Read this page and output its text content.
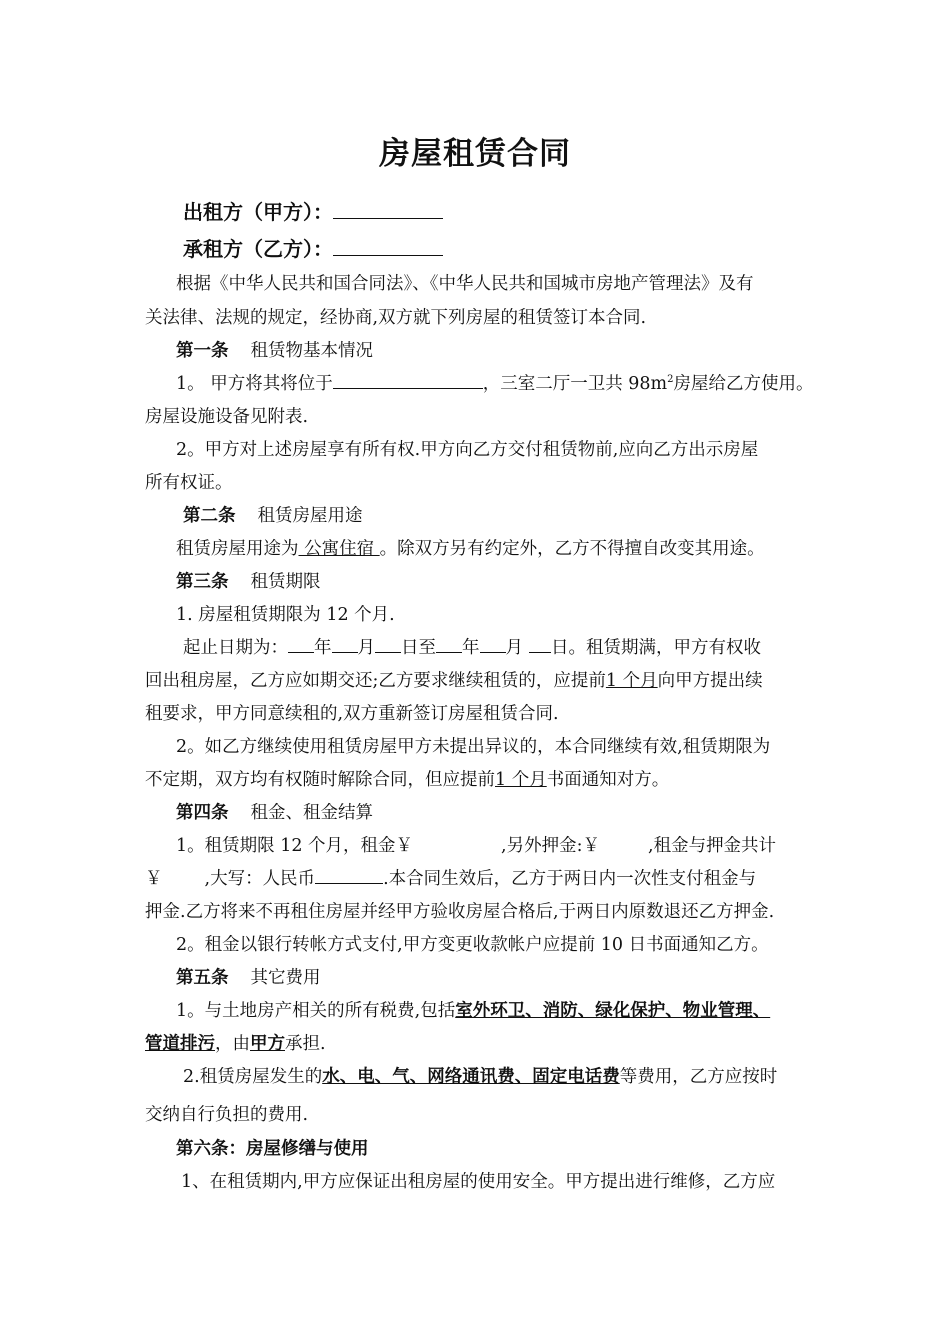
房屋租赁合同
出租方（甲方）：
承租方（乙方）：
根据《中华人民共和国合同法》、《中华人民共和国城市房地产管理法》及有
关法律、法规的规定，经协商,双方就下列房屋的租赁签订本合同.
第一条 租赁物基本情况
1。 甲方将其将位于	，三室二厅一卫共 $98m^2$房屋给乙方使用。
房屋设施设备见附表.
2。甲方对上述房屋享有所有权.甲方向乙方交付租赁物前,应向乙方出示房屋
所有权证。
第二条 租赁房屋用途
租赁房屋用途为 公寓住宿 。除双方另有约定外，乙方不得擅自改变其用途。
第三条 租赁期限
1. 房屋租赁期限为 12 个月.
起止日期为： 年 月 日至 年 月 日。租赁期满，甲方有权收
回出租房屋，乙方应如期交还;乙方要求继续租赁的，应提前1 个月向甲方提出续
租要求，甲方同意续租的,双方重新签订房屋租赁合同.
2。如乙方继续使用租赁房屋甲方未提出异议的，本合同继续有效,租赁期限为
不定期，双方均有权随时解除合同，但应提前1 个月书面通知对方。
第四条 租金、租金结算
1。租赁期限 12 个月，租金￥	,另外押金:￥	,租金与押金共计
￥ ,大写：人民币	.本合同生效后，乙方于两日内一次性支付租金与
押金.乙方将来不再租住房屋并经甲方验收房屋合格后,于两日内原数退还乙方押金.
2。租金以银行转帐方式支付,甲方变更收款帐户应提前 10 日书面通知乙方。
第五条 其它费用
1。与土地房产相关的所有税费,包括室外环卫、消防、绿化保护、物业管理、
管道排污，由甲方承担.
2.租赁房屋发生的水、电、气、网络通讯费、固定电话费等费用，乙方应按时
交纳自行负担的费用.
第六条：房屋修缮与使用
1、在租赁期内,甲方应保证出租房屋的使用安全。甲方提出进行维修，乙方应
